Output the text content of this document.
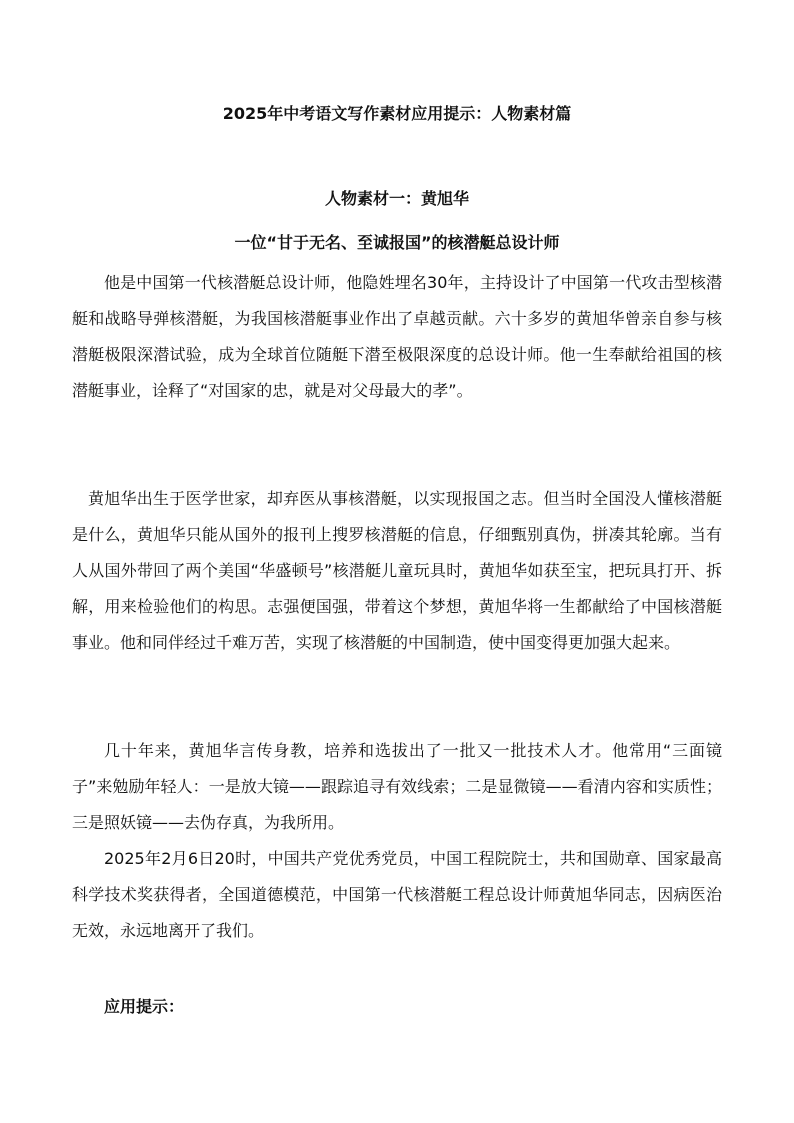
2025年中考语文写作素材应用提示：人物素材篇
人物素材一：黄旭华
一位“甘于无名、至诚报国”的核潜艇总设计师

他是中国第一代核潜艇总设计师，他隐姓埋名30年，主持设计了中国第一代攻击型核潜艇和战略导弹核潜艇，为我国核潜艇事业作出了卓越贡献。六十多岁的黄旭华曾亲自参与核潜艇极限深潜试验，成为全球首位随艇下潜至极限深度的总设计师。他一生奉献给祖国的核潜艇事业，诠释了“对国家的忠，就是对父母最大的孝”。

黄旭华出生于医学世家，却弃医从事核潜艇，以实现报国之志。但当时全国没人懂核潜艇是什么，黄旭华只能从国外的报刊上搜罗核潜艇的信息，仔细甄别真伪，拼凑其轮廓。当有人从国外带回了两个美国“华盛顿号”核潜艇儿童玩具时，黄旭华如获至宝，把玩具打开、拆解，用来检验他们的构思。志强便国强，带着这个梦想，黄旭华将一生都献给了中国核潜艇事业。他和同伴经过千难万苦，实现了核潜艇的中国制造，使中国变得更加强大起来。

几十年来，黄旭华言传身教，培养和选拔出了一批又一批技术人才。他常用“三面镜子”来勉励年轻人：一是放大镜——跟踪追寻有效线索；二是显微镜——看清内容和实质性；三是照妖镜——去伪存真，为我所用。

2025年2月6日20时，中国共产党优秀党员，中国工程院院士，共和国勋章、国家最高科学技术奖获得者，全国道德模范，中国第一代核潜艇工程总设计师黄旭华同志，因病医治无效，永远地离开了我们。

应用提示：
